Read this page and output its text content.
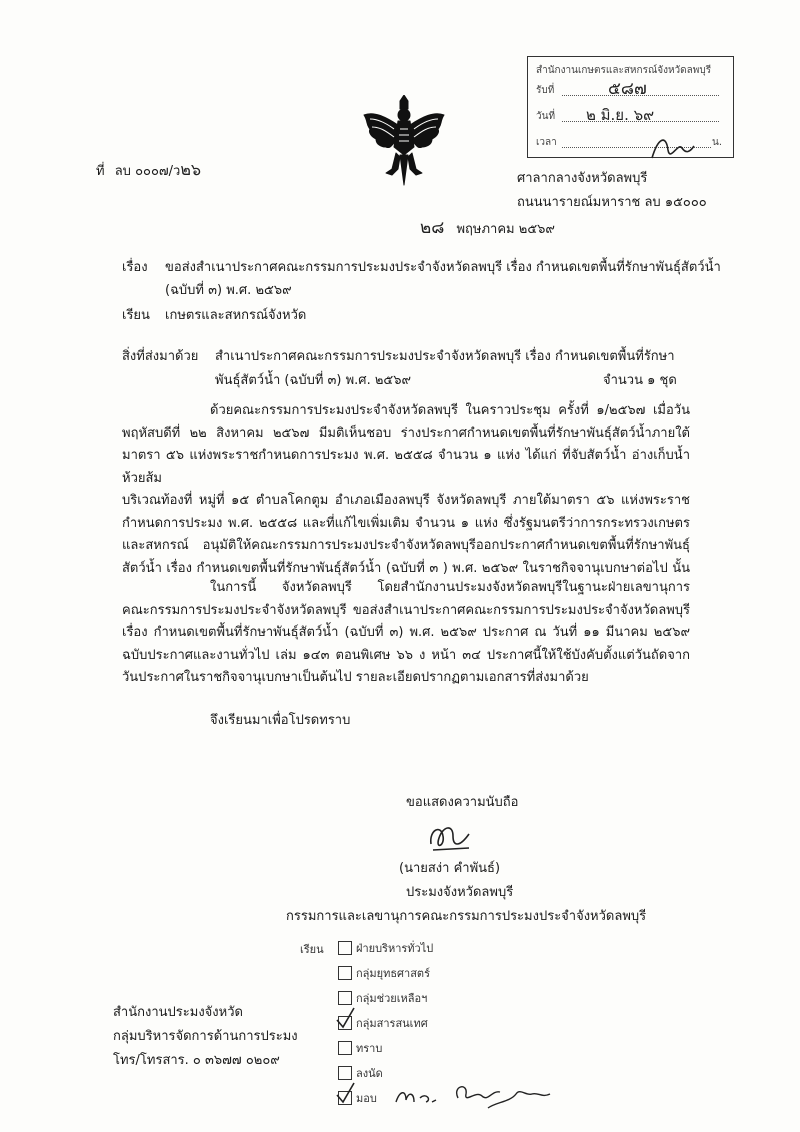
สำนักงานเกษตรและสหกรณ์จังหวัดลพบุรี
รับที่	๕๘๗
วันที่ ๒ มิ.ย. ๖๙
เวลา	น.
ที่ ลบ ๐๐๐๗/ว๒๖	ศาลากลางจังหวัดลพบุรี
ถนนนารายณ์มหาราช ลบ ๑๕๐๐๐
๒๘ พฤษภาคม ๒๕๖๙
เรื่อง ขอส่งสำเนาประกาศคณะกรรมการประมงประจำจังหวัดลพบุรี เรื่อง กำหนดเขตพื้นที่รักษาพันธุ์สัตว์น้ำ
(ฉบับที่ ๓) พ.ศ. ๒๕๖๙
เรียน เกษตรและสหกรณ์จังหวัด
สิ่งที่ส่งมาด้วย สำเนาประกาศคณะกรรมการประมงประจำจังหวัดลพบุรี เรื่อง กำหนดเขตพื้นที่รักษา
พันธุ์สัตว์น้ำ (ฉบับที่ ๓) พ.ศ. ๒๕๖๙	จำนวน ๑ ชุด
ด้วยคณะกรรมการประมงประจำจังหวัดลพบุรี ในคราวประชุม ครั้งที่ ๑/๒๕๖๗ เมื่อวัน
พฤหัสบดีที่ ๒๒ สิงหาคม ๒๕๖๗ มีมติเห็นชอบ ร่างประกาศกำหนดเขตพื้นที่รักษาพันธุ์สัตว์น้ำภายใต้
มาตรา ๕๖ แห่งพระราชกำหนดการประมง พ.ศ. ๒๕๕๘ จำนวน ๑ แห่ง ได้แก่ ที่จับสัตว์น้ำ อ่างเก็บน้ำห้วยส้ม
บริเวณท้องที่ หมู่ที่ ๑๕ ตำบลโคกตูม อำเภอเมืองลพบุรี จังหวัดลพบุรี ภายใต้มาตรา ๕๖ แห่งพระราช
กำหนดการประมง พ.ศ. ๒๕๕๘ และที่แก้ไขเพิ่มเติม จำนวน ๑ แห่ง ซึ่งรัฐมนตรีว่าการกระทรวงเกษตร
และสหกรณ์ อนุมัติให้คณะกรรมการประมงประจำจังหวัดลพบุรีออกประกาศกำหนดเขตพื้นที่รักษาพันธุ์
สัตว์น้ำ เรื่อง กำหนดเขตพื้นที่รักษาพันธุ์สัตว์น้ำ (ฉบับที่ ๓ ) พ.ศ. ๒๕๖๙ ในราชกิจจานุเบกษาต่อไป นั้น
ในการนี้ จังหวัดลพบุรี โดยสำนักงานประมงจังหวัดลพบุรีในฐานะฝ่ายเลขานุการ
คณะกรรมการประมงประจำจังหวัดลพบุรี ขอส่งสำเนาประกาศคณะกรรมการประมงประจำจังหวัดลพบุรี
เรื่อง กำหนดเขตพื้นที่รักษาพันธุ์สัตว์น้ำ (ฉบับที่ ๓) พ.ศ. ๒๕๖๙ ประกาศ ณ วันที่ ๑๑ มีนาคม ๒๕๖๙
ฉบับประกาศและงานทั่วไป เล่ม ๑๔๓ ตอนพิเศษ ๖๖ ง หน้า ๓๔ ประกาศนี้ให้ใช้บังคับตั้งแต่วันถัดจาก
วันประกาศในราชกิจจานุเบกษาเป็นต้นไป รายละเอียดปรากฏตามเอกสารที่ส่งมาด้วย
จึงเรียนมาเพื่อโปรดทราบ
ขอแสดงความนับถือ
(นายสง่า คำพันธ์)
ประมงจังหวัดลพบุรี
กรรมการและเลขานุการคณะกรรมการประมงประจำจังหวัดลพบุรี
เรียน	ฝ่ายบริหารทั่วไป
กลุ่มยุทธศาสตร์
กลุ่มช่วยเหลือฯ
กลุ่มสารสนเทศ
ทราบ
ลงนัด
มอบ
สำนักงานประมงจังหวัด
กลุ่มบริหารจัดการด้านการประมง
โทร/โทรสาร. ๐ ๓๖๗๗ ๐๒๐๙
